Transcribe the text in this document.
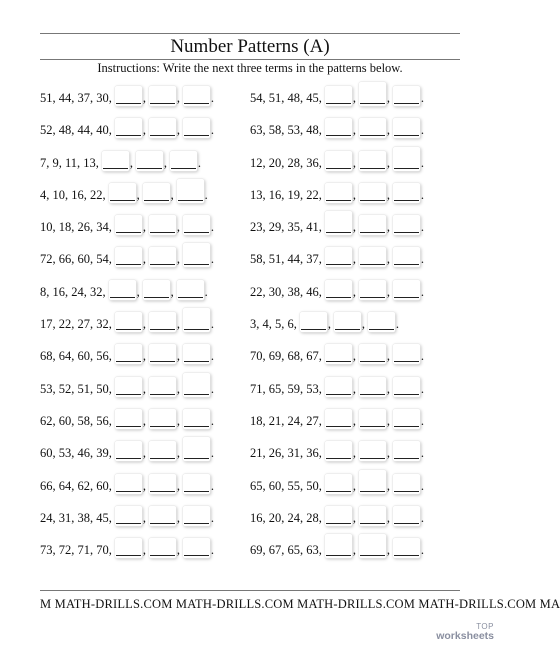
Number Patterns (A)
Instructions: Write the next three terms in the patterns below.
51, 44, 37, 30, , , .
52, 48, 44, 40, , , .
7, 9, 11, 13, , , .
4, 10, 16, 22, , , .
10, 18, 26, 34, , , .
72, 66, 60, 54, , , .
8, 16, 24, 32, , , .
17, 22, 27, 32, , , .
68, 64, 60, 56, , , .
53, 52, 51, 50, , , .
62, 60, 58, 56, , , .
60, 53, 46, 39, , , .
66, 64, 62, 60, , , .
24, 31, 38, 45, , , .
73, 72, 71, 70, , , .
54, 51, 48, 45, , , .
63, 58, 53, 48, , , .
12, 20, 28, 36, , , .
13, 16, 19, 22, , , .
23, 29, 35, 41, , , .
58, 51, 44, 37, , , .
22, 30, 38, 46, , , .
3, 4, 5, 6, , , .
70, 69, 68, 67, , , .
71, 65, 59, 53, , , .
18, 21, 24, 27, , , .
21, 26, 31, 36, , , .
65, 60, 55, 50, , , .
16, 20, 24, 28, , , .
69, 67, 65, 63, , , .
M MATH-DRILLS.COM MATH-DRILLS.COM MATH-DRILLS.COM MATH-DRILLS.COM MA
TOP
worksheets
